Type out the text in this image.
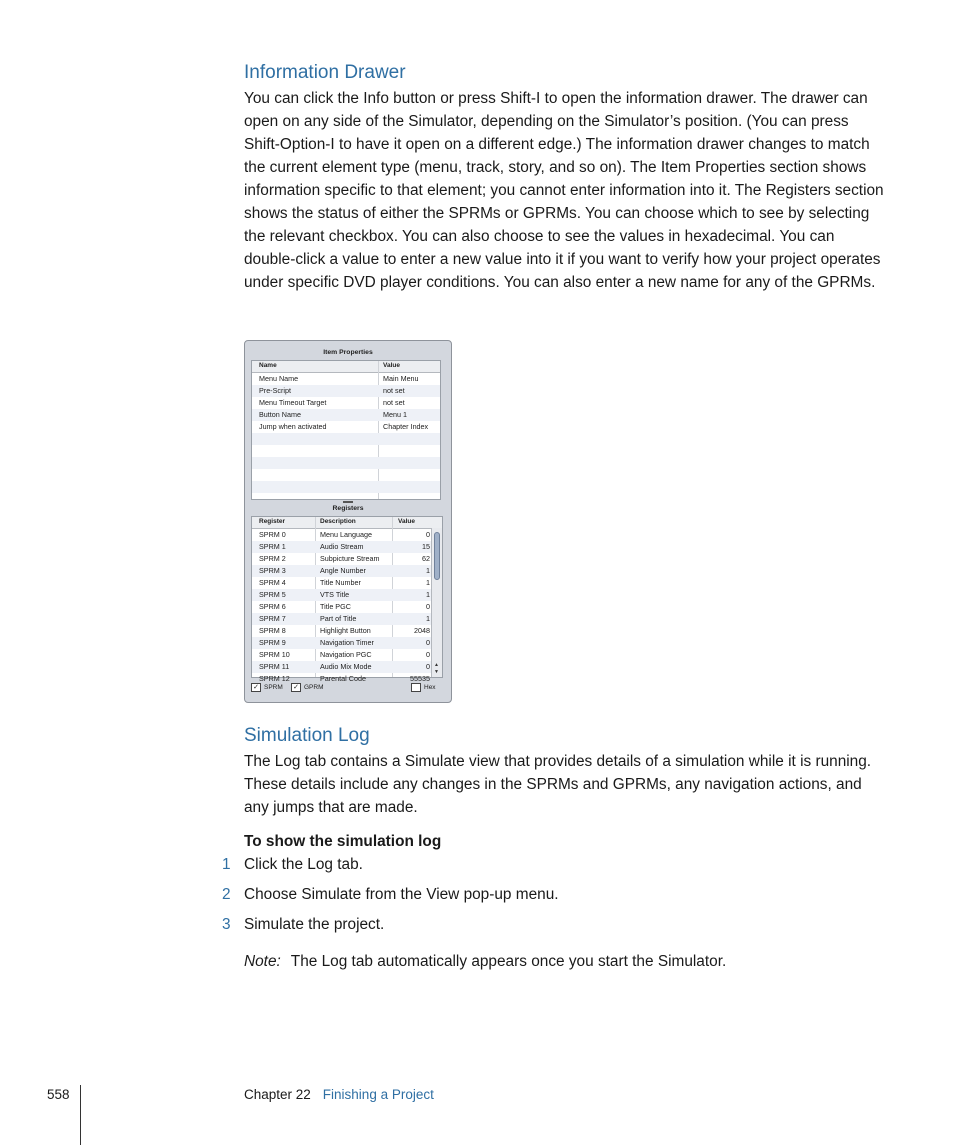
Information Drawer

You can click the Info button or press Shift-I to open the information drawer. The drawer can open on any side of the Simulator, depending on the Simulator’s position. (You can press Shift-Option-I to have it open on a different edge.) The information drawer changes to match the current element type (menu, track, story, and so on). The Item Properties section shows information specific to that element; you cannot enter information into it. The Registers section shows the status of either the SPRMs or GPRMs. You can choose which to see by selecting the relevant checkbox. You can also choose to see the values in hexadecimal. You can double-click a value to enter a new value into it if you want to verify how your project operates under specific DVD player conditions. You can also enter a new name for any of the GPRMs.

Item Properties
Name	Value
Menu Name	Main Menu
Pre-Script	not set
Menu Timeout Target	not set
Button Name	Menu 1
Jump when activated	Chapter Index
Registers
Register	Description	Value
SPRM 0	Menu Language	0
SPRM 1	Audio Stream	15
SPRM 2	Subpicture Stream	62
SPRM 3	Angle Number	1
SPRM 4	Title Number	1
SPRM 5	VTS Title	1
SPRM 6	Title PGC	0
SPRM 7	Part of Title	1
SPRM 8	Highlight Button	2048
SPRM 9	Navigation Timer	0
SPRM 10	Navigation PGC	0
SPRM 11	Audio Mix Mode	0
SPRM 12	Parental Code	55535
▲
▼
✓ SPRM ✓ GPRM	Hex
Simulation Log

The Log tab contains a Simulate view that provides details of a simulation while it is running. These details include any changes in the SPRMs and GPRMs, any navigation actions, and any jumps that are made.

To show the simulation log
1 Click the Log tab.
2 Choose Simulate from the View pop-up menu.
3 Simulate the project.
Note: The Log tab automatically appears once you start the Simulator.
558	Chapter 22 Finishing a Project
